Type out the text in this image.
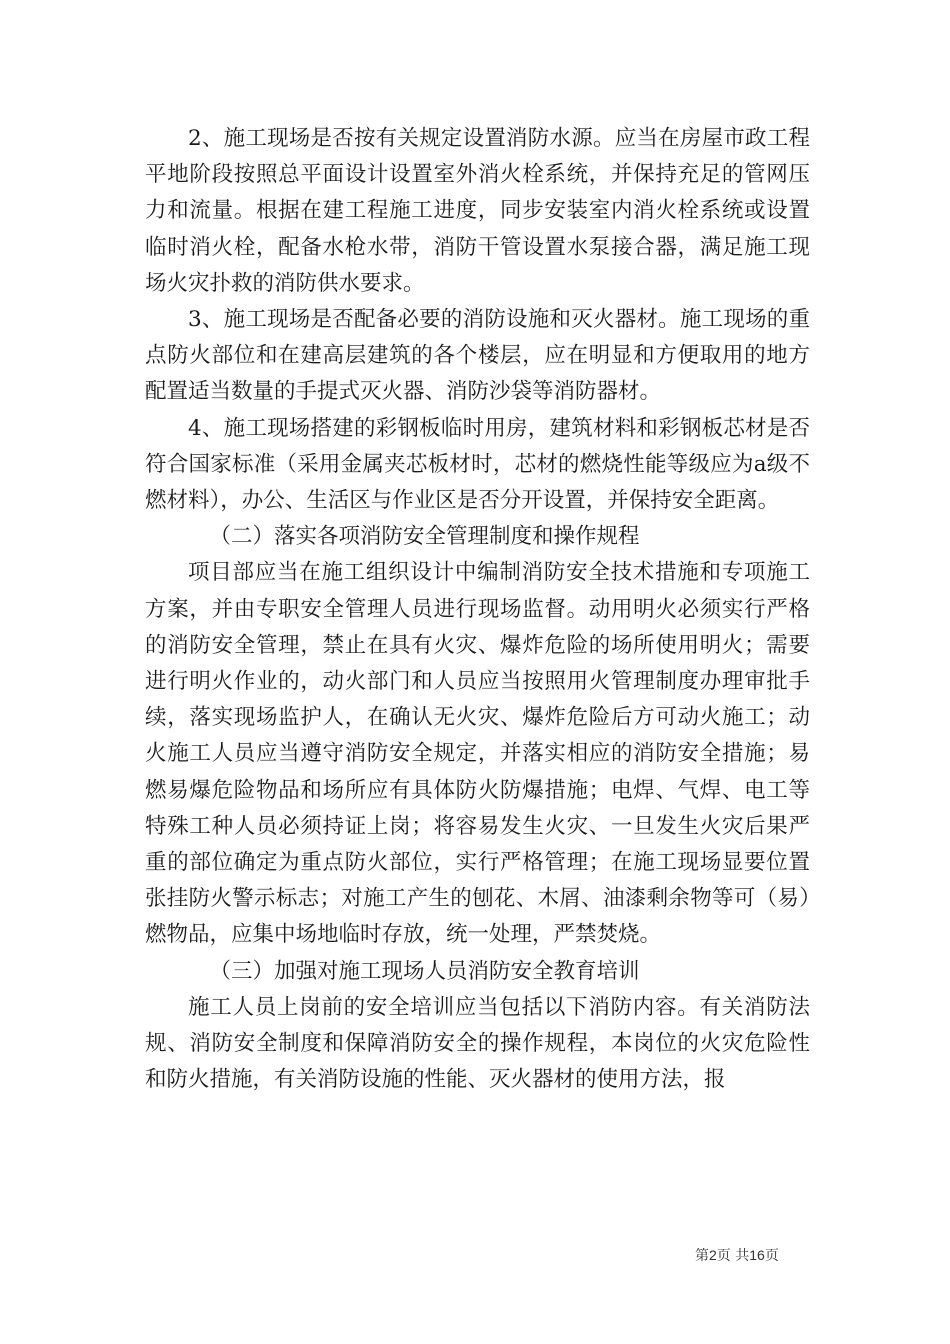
2、施工现场是否按有关规定设置消防水源。应当在房屋市政工程平地阶段按照总平面设计设置室外消火栓系统，并保持充足的管网压力和流量。根据在建工程施工进度，同步安装室内消火栓系统或设置临时消火栓，配备水枪水带，消防干管设置水泵接合器，满足施工现场火灾扑救的消防供水要求。

3、施工现场是否配备必要的消防设施和灭火器材。施工现场的重点防火部位和在建高层建筑的各个楼层，应在明显和方便取用的地方配置适当数量的手提式灭火器、消防沙袋等消防器材。

4、施工现场搭建的彩钢板临时用房，建筑材料和彩钢板芯材是否符合国家标准（采用金属夹芯板材时，芯材的燃烧性能等级应为a级不燃材料），办公、生活区与作业区是否分开设置，并保持安全距离。

（二）落实各项消防安全管理制度和操作规程

项目部应当在施工组织设计中编制消防安全技术措施和专项施工方案，并由专职安全管理人员进行现场监督。动用明火必须实行严格的消防安全管理，禁止在具有火灾、爆炸危险的场所使用明火；需要进行明火作业的，动火部门和人员应当按照用火管理制度办理审批手续，落实现场监护人，在确认无火灾、爆炸危险后方可动火施工；动火施工人员应当遵守消防安全规定，并落实相应的消防安全措施；易燃易爆危险物品和场所应有具体防火防爆措施；电焊、气焊、电工等特殊工种人员必须持证上岗；将容易发生火灾、一旦发生火灾后果严重的部位确定为重点防火部位，实行严格管理；在施工现场显要位置张挂防火警示标志；对施工产生的刨花、木屑、油漆剩余物等可（易）燃物品，应集中场地临时存放，统一处理，严禁焚烧。

（三）加强对施工现场人员消防安全教育培训

施工人员上岗前的安全培训应当包括以下消防内容。有关消防法规、消防安全制度和保障消防安全的操作规程，本岗位的火灾危险性和防火措施，有关消防设施的性能、灭火器材的使用方法，报

第2页 共16页
